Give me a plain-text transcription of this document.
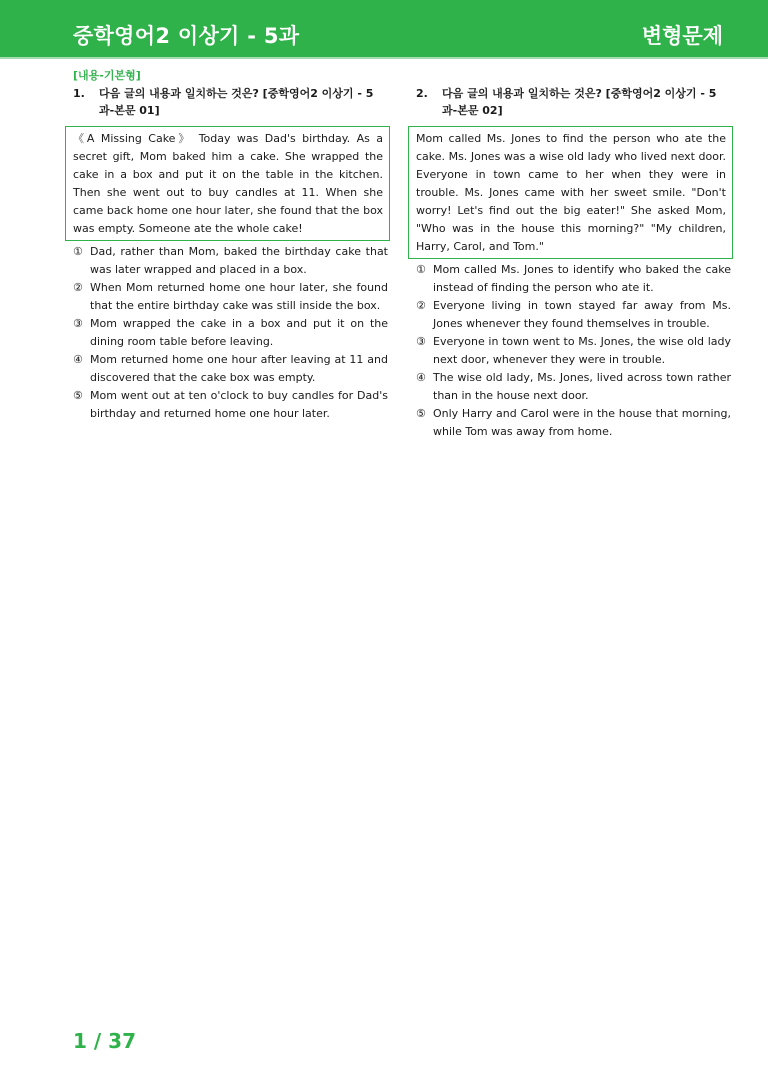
중학영어2 이상기 - 5과	변형문제
[내용-기본형]
1. 다음 글의 내용과 일치하는 것은? [중학영어2 이상기 - 5과-본문 01]
《A Missing Cake》 Today was Dad's birthday. As a secret gift, Mom baked him a cake. She wrapped the cake in a box and put it on the table in the kitchen. Then she went out to buy candles at 11. When she came back home one hour later, she found that the box was empty. Someone ate the whole cake!
① Dad, rather than Mom, baked the birthday cake that was later wrapped and placed in a box.
② When Mom returned home one hour later, she found that the entire birthday cake was still inside the box.
③ Mom wrapped the cake in a box and put it on the dining room table before leaving.
④ Mom returned home one hour after leaving at 11 and discovered that the cake box was empty.
⑤ Mom went out at ten o'clock to buy candles for Dad's birthday and returned home one hour later.
2. 다음 글의 내용과 일치하는 것은? [중학영어2 이상기 - 5과-본문 02]
Mom called Ms. Jones to find the person who ate the cake. Ms. Jones was a wise old lady who lived next door. Everyone in town came to her when they were in trouble. Ms. Jones came with her sweet smile. "Don't worry! Let's find out the big eater!" She asked Mom, "Who was in the house this morning?" "My children, Harry, Carol, and Tom."
① Mom called Ms. Jones to identify who baked the cake instead of finding the person who ate it.
② Everyone living in town stayed far away from Ms. Jones whenever they found themselves in trouble.
③ Everyone in town went to Ms. Jones, the wise old lady next door, whenever they were in trouble.
④ The wise old lady, Ms. Jones, lived across town rather than in the house next door.
⑤ Only Harry and Carol were in the house that morning, while Tom was away from home.
1 / 37
